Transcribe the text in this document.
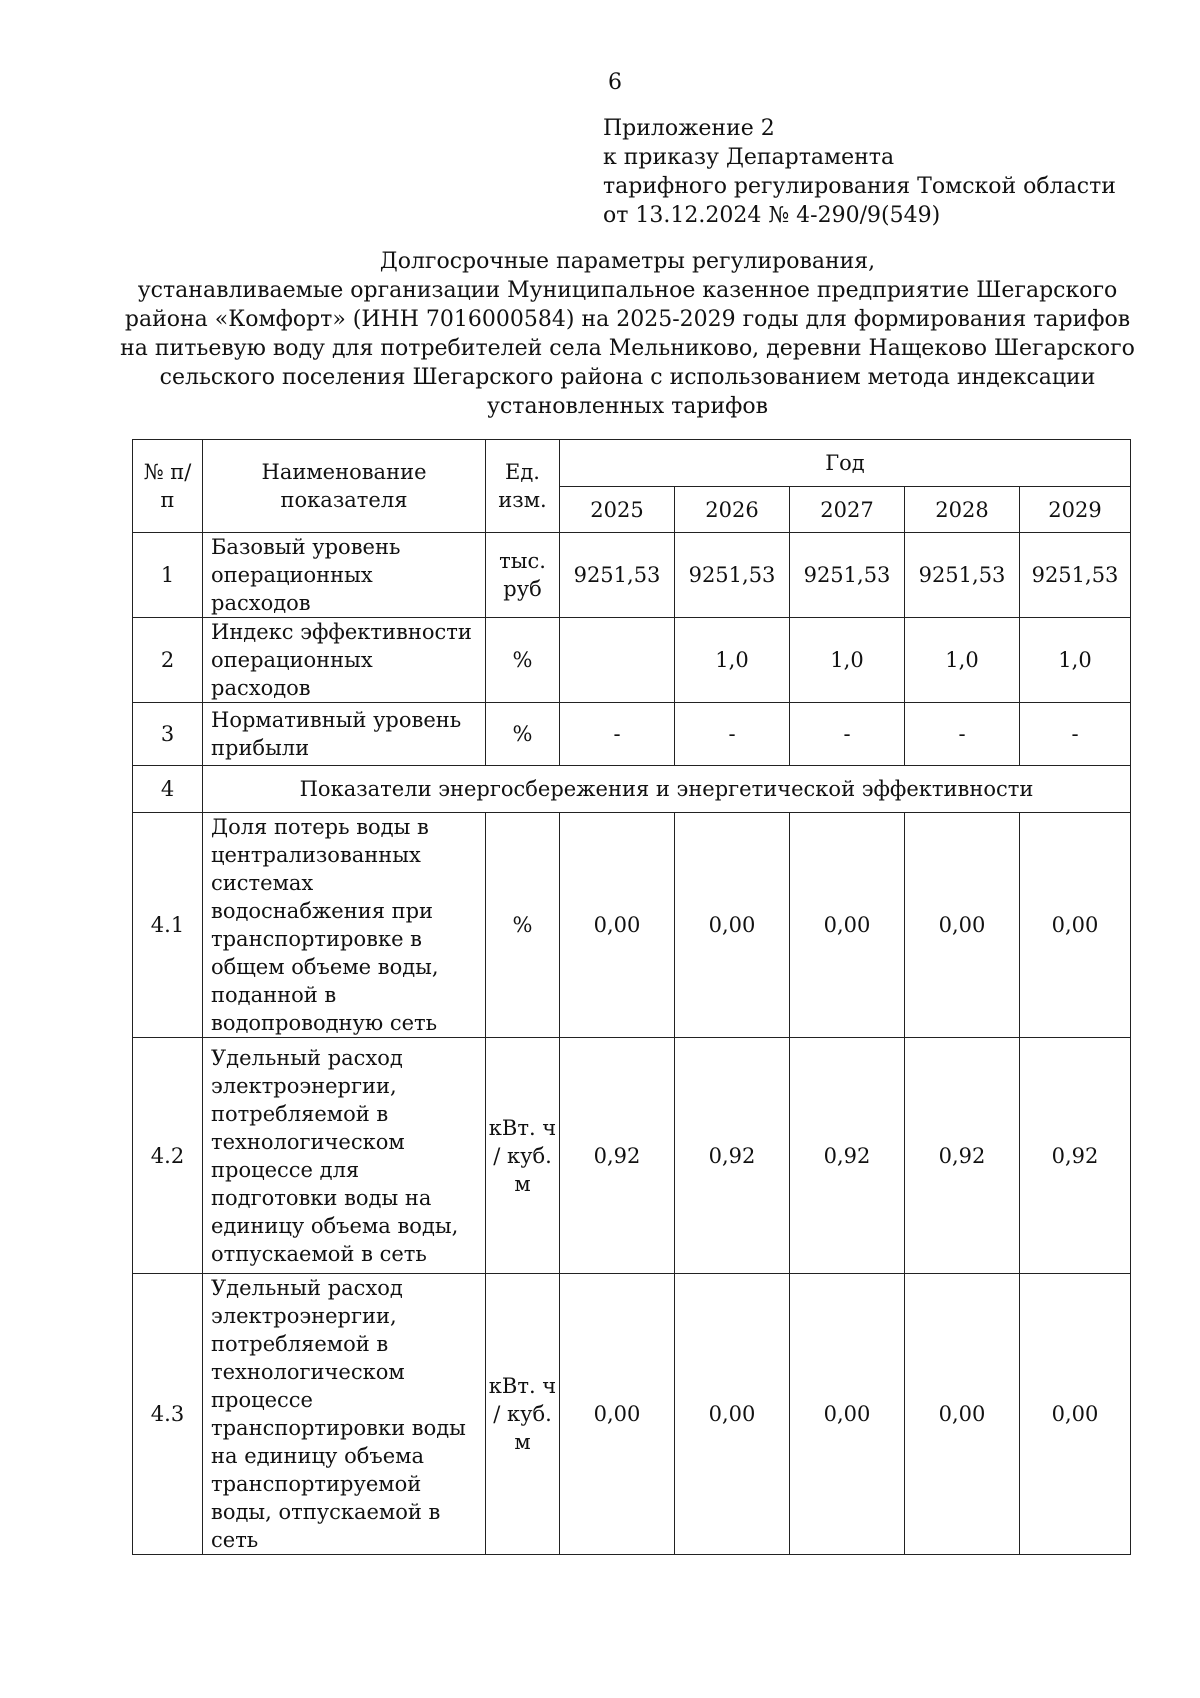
6
Приложение 2
к приказу Департамента
тарифного регулирования Томской области
от 13.12.2024 № 4-290/9(549)
Долгосрочные параметры регулирования,
устанавливаемые организации Муниципальное казенное предприятие Шегарского
района «Комфорт» (ИНН 7016000584) на 2025-2029 годы для формирования тарифов
на питьевую воду для потребителей села Мельниково, деревни Нащеково Шегарского
сельского поселения Шегарского района с использованием метода индексации
установленных тарифов
№ п/п	Наименование показателя	Ед. изм.	Год				
			2025	2026	2027	2028	2029
1	Базовый уровень операционных расходов	тыс. руб	9251,53	9251,53	9251,53	9251,53	9251,53
2	Индекс эффективности операционных расходов	%		1,0	1,0	1,0	1,0
3	Нормативный уровень прибыли	%	-	-	-	-	-
4	Показатели энергосбережения и энергетической эффективности						
4.1	Доля потерь воды в централизованных системах водоснабжения при транспортировке в общем объеме воды, поданной в водопроводную сеть	%	0,00	0,00	0,00	0,00	0,00
4.2	Удельный расход электроэнергии, потребляемой в технологическом процессе для подготовки воды на единицу объема воды, отпускаемой в сеть	кВт. ч / куб. м	0,92	0,92	0,92	0,92	0,92
4.3	Удельный расход электроэнергии, потребляемой в технологическом процессе транспортировки воды на единицу объема транспортируемой воды, отпускаемой в сеть	кВт. ч / куб. м	0,00	0,00	0,00	0,00	0,00
